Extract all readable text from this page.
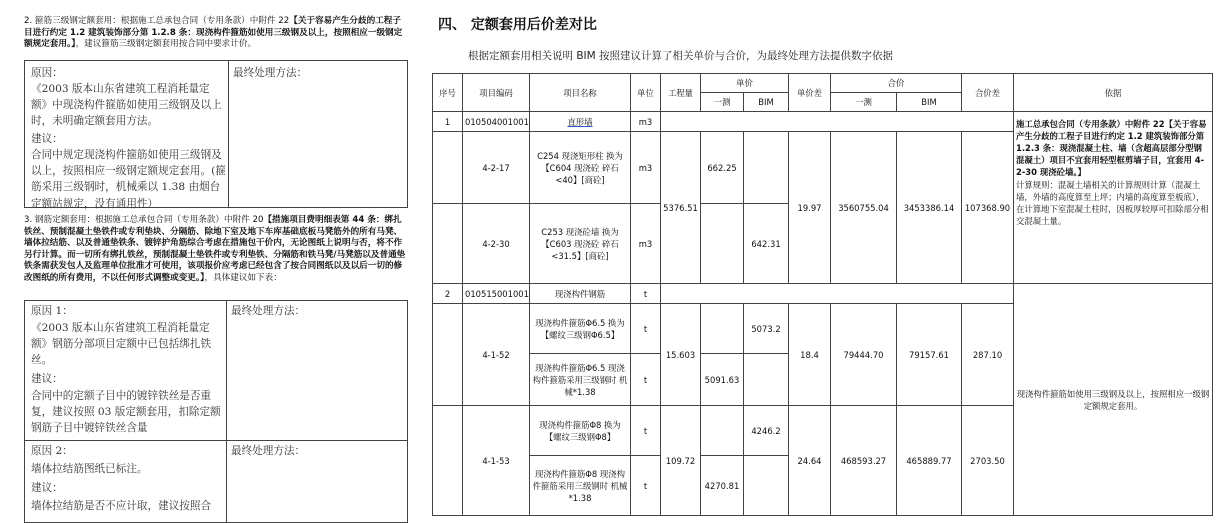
2. 箍筋三级钢定额套用：根据施工总承包合同（专用条款）中附件 22【关于容易产生分歧的工程子目进行约定 1.2 建筑装饰部分第 1.2.8 条：现浇构件箍筋如使用三级钢及以上，按照相应一级钢定额规定套用。】，建议箍筋三级钢定额套用按合同中要求计价。
原因：
《2003 版本山东省建筑工程消耗量定额》中现浇构件箍筋如使用三级钢及以上时，未明确定额套用方法。
建议：
合同中规定现浇构件箍筋如使用三级钢及以上，按照相应一级钢定额规定套用。(箍筋采用三级钢时，机械乘以 1.38 由烟台定额站规定，没有通用性）
最终处理方法：
3. 钢筋定额套用：根据施工总承包合同（专用条款）中附件 20【措施项目费明细表第 44 条：绑扎铁丝、预制混凝土垫铁件或专利垫块、分隔筋、除地下室及地下车库基础底板马凳筋外的所有马凳、墙体拉结筋、以及普通垫铁条、镀锌护角筋综合考虑在措施包干价内，无论图纸上说明与否，将不作另行计算。而一切所有绑扎铁丝，预制混凝土垫铁件或专利垫铁、分隔筋和铁马凳/马凳筋以及普通垫铁条需获发包人及监理单位批准才可使用，该项报价应考虑已经包含了按合同图纸以及以后一切的修改图纸的所有费用，不以任何形式调整或变更。】，具体建议如下表：
原因 1：
《2003 版本山东省建筑工程消耗量定额》钢筋分部项目定额中已包括绑扎铁丝。
建议：
合同中的定额子目中的镀锌铁丝是否重复，建议按照 03 版定额套用，扣除定额钢筋子目中镀锌铁丝含量
最终处理方法：
原因 2：
墙体拉结筋图纸已标注。
建议：
墙体拉结筋是否不应计取，建议按照合
最终处理方法：
四、 定额套用后价差对比
根据定额套用相关说明 BIM 按照建议计算了相关单价与合价，为最终处理方法提供数字依据
序号	项目编码	项目名称	单位	工程量	单价		单价差	合价		合价差	依据
					一测	BIM		一测	BIM		
1	010504001001	直形墙	m3								施工总承包合同（专用条款）中附件 22【关于容易产生分歧的工程子目进行约定 1.2 建筑装饰部分第 1.2.3 条：现浇混凝土柱、墙（含超高层部分型钢混凝土）项目不宜套用轻型框剪墙子目，宜套用 4-2-30 现浇砼墙。】
计算规则：混凝土墙相关的计算规则计算（混凝土墙，外墙的高度算至上坪；内墙的高度算至板底），在计算地下室混凝土柱时，因板厚较厚可扣除部分相交混凝土量。

	4-2-17	C254 现浇矩形柱 换为【C604 现浇砼 碎石<40】[商砼]	m3	5376.51	662.25		19.97	3560755.04	3453386.14	107368.90	
	4-2-30	C253 现浇砼墙 换为【C603 现浇砼 碎石<31.5】[商砼]	m3			642.31					
2	010515001001	现浇构件钢筋	t								现浇构件箍筋如使用三级钢及以上，按照相应一级钢定额规定套用。
	4-1-52	现浇构件箍筋Φ6.5 换为【螺纹三级钢Φ6.5】	t	15.603		5073.2	18.4	79444.70	79157.61	287.10	
		现浇构件箍筋Φ6.5 现浇构件箍筋采用三级钢时 机械*1.38	t		5091.63						
	4-1-53	现浇构件箍筋Φ8 换为【螺纹三级钢Φ8】	t	109.72		4246.2	24.64	468593.27	465889.77	2703.50	
		现浇构件箍筋Φ8 现浇构件箍筋采用三级钢时 机械*1.38	t		4270.81						
